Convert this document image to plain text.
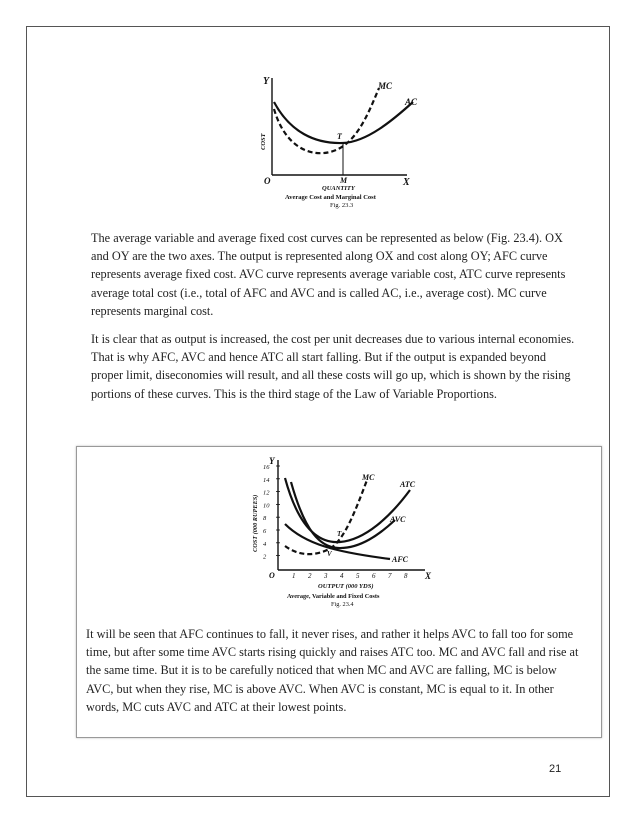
Y
X
O
COST
MC
AC
T
M
QUANTITY
Average Cost and Marginal Cost
Fig. 23.3

The average variable and average fixed cost curves can be represented as below (Fig. 23.4). OX and OY are the two axes. The output is represented along OX and cost along OY; AFC curve represents average fixed cost. AVC curve represents average variable cost, ATC curve represents average total cost (i.e., total of AFC and AVC and is called AC, i.e., average cost). MC curve represents marginal cost.

It is clear that as output is increased, the cost per unit decreases due to various internal economies. That is why AFC, AVC and hence ATC all start falling. But if the output is expanded beyond proper limit, diseconomies will result, and all these costs will go up, which is shown by the rising portions of these curves. This is the third stage of the Law of Variable Proportions.

16
14
12
10
8
6
4
2
1 2 3 4 5 6 7 8
Y
X
O
COST (000 RUPEES)
MC
ATC
AVC
AFC
T
V
OUTPUT (000 YDS)
Average, Variable and Fixed Costs
Fig. 23.4

It will be seen that AFC continues to fall, it never rises, and rather it helps AVC to fall too for some time, but after some time AVC starts rising quickly and raises ATC too. MC and AVC fall and rise at the same time. But it is to be carefully noticed that when MC and AVC are falling, MC is below AVC, but when they rise, MC is above AVC. When AVC is constant, MC is equal to it. In other words, MC cuts AVC and ATC at their lowest points.

21
